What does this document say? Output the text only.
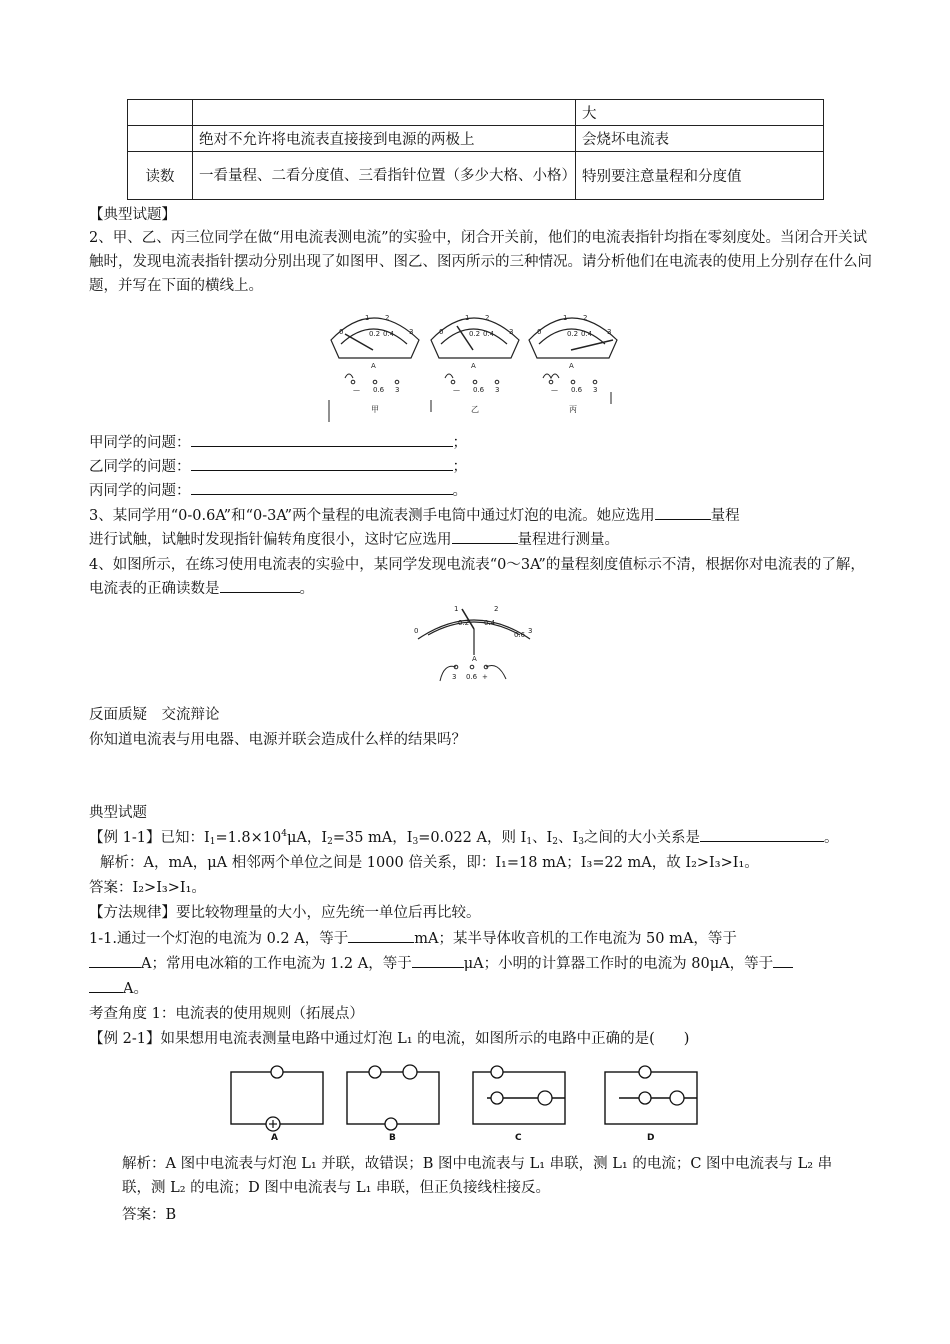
		大
	绝对不允许将电流表直接接到电源的两极上	会烧坏电流表
读数	一看量程、二看分度值、三看指针位置（多少大格、小格）	特别要注意量程和分度值
【典型试题】
2、甲、乙、丙三位同学在做“用电流表测电流”的实验中，闭合开关前，他们的电流表指针均指在零刻度处。当闭合开关试触时，发现电流表指针摆动分别出现了如图甲、图乙、图丙所示的三种情况。请分析他们在电流表的使用上分别存在什么问题，并写在下面的横线上。
0
1 2
3
0.2 0.4	0
1 2
3
0.2 0.4	0
1 2
3
0.2 0.4
A	A	A
— 0.6 3	— 0.6 3	— 0.6 3
甲	乙	丙
甲同学的问题：	；
乙同学的问题：	；
丙同学的问题：	。
3、某同学用“0-0.6A”和“0-3A”两个量程的电流表测手电筒中通过灯泡的电流。她应选用	量程
进行试触，试触时发现指针偏转角度很小，这时它应选用	量程进行测量。
4、如图所示，在练习使用电流表的实验中，某同学发现电流表“0～3A”的量程刻度值标示不清，根据你对电流表的了解，电流表的正确读数是	。
0
1	2
3
0.2 0.4
0.6
A
3 0.6 +
反面质疑　交流辩论
你知道电流表与用电器、电源并联会造成什么样的结果吗？
典型试题
【例 1-1】已知：$I_1=1.8\times 10^4\mu A$，$I_2=35$ mA，$I_3=0.022$ A，则 $I_1$、$I_2$、$I_3$之间的大小关系是	。
解析：A，mA，μA 相邻两个单位之间是 1000 倍关系，即：I₁=18 mA；I₃=22 mA，故 I₂>I₃>I₁。
答案：I₂>I₃>I₁。
【方法规律】要比较物理量的大小，应先统一单位后再比较。
1-1.通过一个灯泡的电流为 0.2 A，等于	mA；某半导体收音机的工作电流为 50 mA，等于
A；常用电冰箱的工作电流为 1.2 A，等于	μA；小明的计算器工作时的电流为 80μA，等于
A。
考查角度 1：电流表的使用规则（拓展点）
【例 2-1】如果想用电流表测量电路中通过灯泡 L₁ 的电流，如图所示的电路中正确的是(　　)
A	B	C	D
解析：A 图中电流表与灯泡 L₁ 并联，故错误；B 图中电流表与 L₁ 串联，测 L₁ 的电流；C 图中电流表与 L₂ 串联，测 L₂ 的电流；D 图中电流表与 L₁ 串联，但正负接线柱接反。
答案：B
